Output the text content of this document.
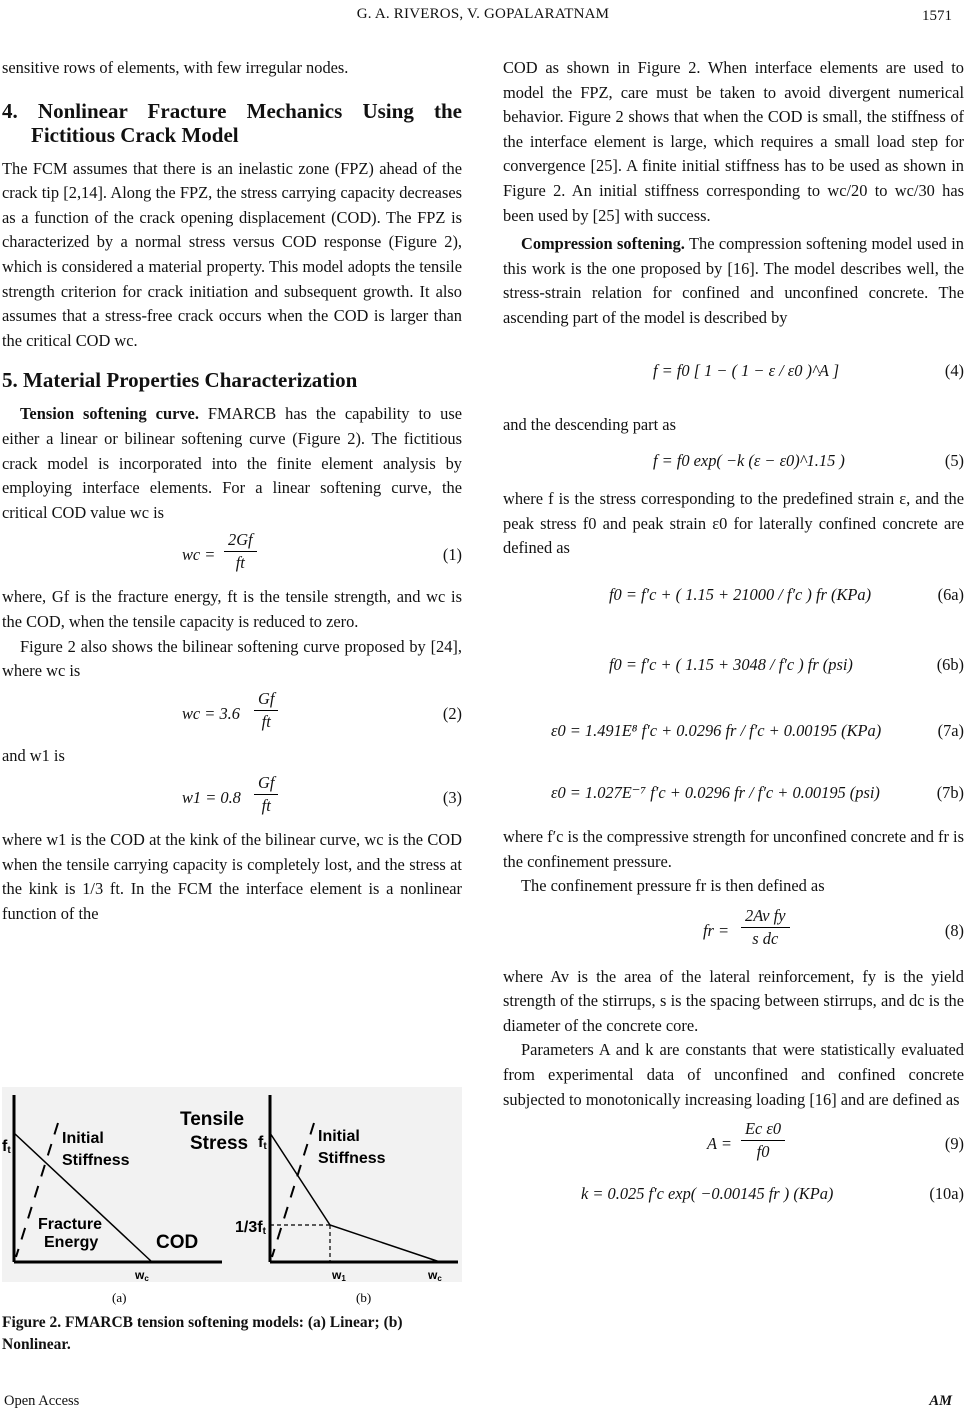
G. A. RIVEROS, V. GOPALARATNAM	1571

sensitive rows of elements, with few irregular nodes.

4. Nonlinear Fracture Mechanics Using the Fictitious Crack Model

The FCM assumes that there is an inelastic zone (FPZ) ahead of the crack tip [2,14]. Along the FPZ, the stress carrying capacity decreases as a function of the crack opening displacement (COD). The FPZ is characterized by a normal stress versus COD response (Figure 2), which is considered a material property. This model adopts the tensile strength criterion for crack initiation and subsequent growth. It also assumes that a stress-free crack occurs when the COD is larger than the critical COD wc.

5. Material Properties Characterization

Tension softening curve. FMARCB has the capability to use either a linear or bilinear softening curve (Figure 2). The fictitious crack model is incorporated into the finite element analysis by employing interface elements. For a linear softening curve, the critical COD value wc is

wc = $\frac{2Gf}{ft}$	(1)

where, Gf is the fracture energy, ft is the tensile strength, and wc is the COD, when the tensile capacity is reduced to zero.

Figure 2 also shows the bilinear softening curve proposed by [24], where wc is

wc = $3.6 \frac{Gf}{ft}$	(2)

and w1 is

$w1 = 0.8 \frac{Gf}{ft}$	(3)

where w1 is the COD at the kink of the bilinear curve, wc is the COD when the tensile carrying capacity is completely lost, and the stress at the kink is 1/3 ft. In the FCM the interface element is a nonlinear function of the

ft
Initial
Stiffness
Fracture
Energy	COD
wc
Tensile
Stress ft
Initial
Stiffness
1/3ft
w1	wc
(a)	(b)
Figure 2. FMARCB tension softening models: (a) Linear; (b) Nonlinear.

COD as shown in Figure 2. When interface elements are used to model the FPZ, care must be taken to avoid divergent numerical behavior. Figure 2 shows that when the COD is small, the stiffness of the interface element is large, which requires a small load step for convergence [25]. A finite initial stiffness has to be used as shown in Figure 2. An initial stiffness corresponding to wc/20 to wc/30 has been used by [25] with success.

Compression softening. The compression softening model used in this work is the one proposed by [16]. The model describes well, the stress-strain relation for confined and unconfined concrete. The ascending part of the model is described by

f = f0 [ 1 − ( 1 − ε / ε0 )^A ]	(4)

and the descending part as

f = f0 exp( −k (ε − ε0)^1.15 )	(5)

where f is the stress corresponding to the predefined strain ε, and the peak stress f0 and peak strain ε0 for laterally confined concrete are defined as

f0 = f′c + ( 1.15 + 21000 / f′c ) fr (KPa)	(6a)
f0 = f′c + ( 1.15 + 3048 / f′c ) fr (psi)	(6b)
ε0 = 1.491E⁸ f′c + 0.0296 fr / f′c + 0.00195 (KPa)	(7a)
ε0 = 1.027E⁻⁷ f′c + 0.0296 fr / f′c + 0.00195 (psi)	(7b)

where f′c is the compressive strength for unconfined concrete and fr is the confinement pressure.

The confinement pressure fr is then defined as

fr = $\frac{\text{2Av fy}}{\text{s dc}}$	(8)

where Av is the area of the lateral reinforcement, fy is the yield strength of the stirrups, s is the spacing between stirrups, and dc is the diameter of the concrete core.

Parameters A and k are constants that were statistically evaluated from experimental data of unconfined and confined concrete subjected to monotonically increasing loading [16] and are defined as

$A = \frac{\text{Ec ε0}}{f0}$	(9)
k = 0.025 f′c exp( −0.00145 fr ) (KPa)	(10a)
Open Access	AM
